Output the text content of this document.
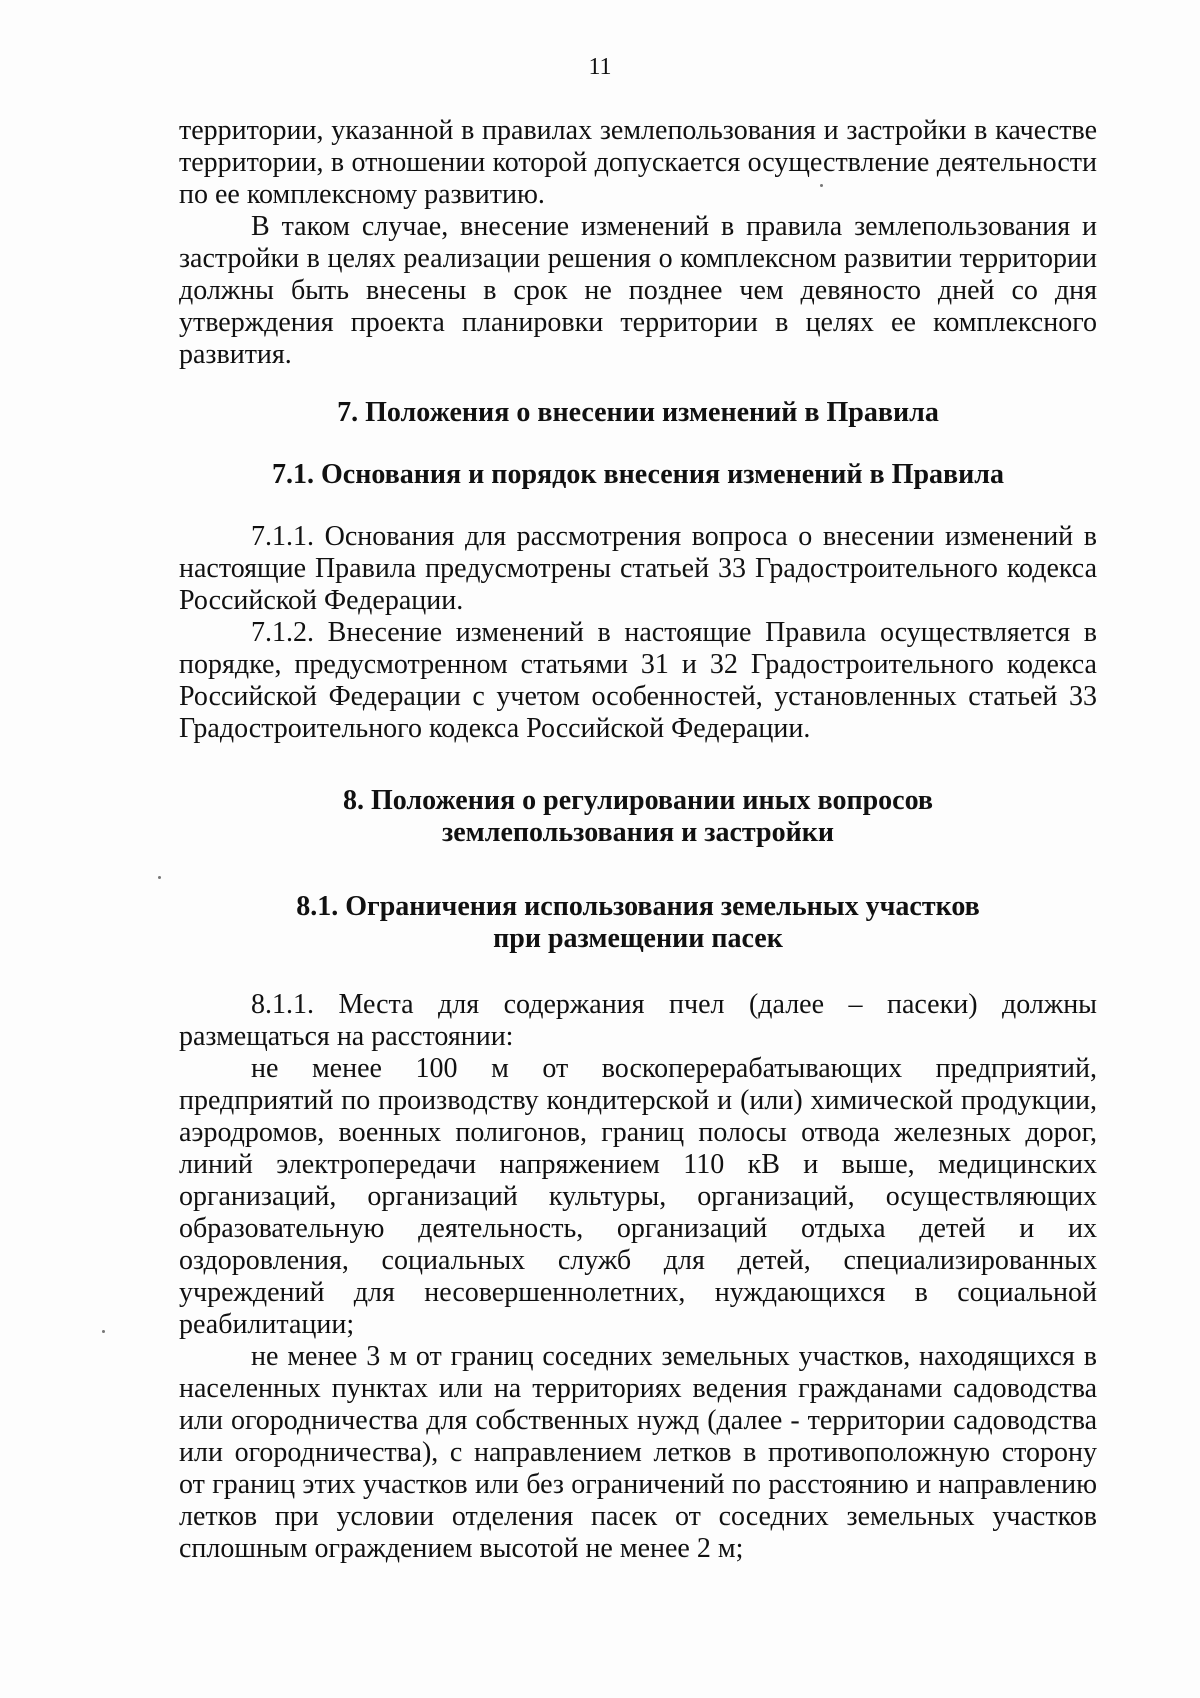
11

территории, указанной в правилах землепользования и застройки в качестве территории, в отношении которой допускается осуществление деятельности по ее комплексному развитию.

В таком случае, внесение изменений в правила землепользования и застройки в целях реализации решения о комплексном развитии территории должны быть внесены в срок не позднее чем девяносто дней со дня утверждения проекта планировки территории в целях ее комплексного развития.

7. Положения о внесении изменений в Правила
7.1. Основания и порядок внесения изменений в Правила

7.1.1. Основания для рассмотрения вопроса о внесении изменений в настоящие Правила предусмотрены статьей 33 Градостроительного кодекса Российской Федерации.

7.1.2. Внесение изменений в настоящие Правила осуществляется в порядке, предусмотренном статьями 31 и 32 Градостроительного кодекса Российской Федерации с учетом особенностей, установленных статьей 33 Градостроительного кодекса Российской Федерации.

8. Положения о регулировании иных вопросов
землепользования и застройки
8.1. Ограничения использования земельных участков
при размещении пасек

8.1.1. Места для содержания пчел (далее – пасеки) должны размещаться на расстоянии:

не менее 100 м от воскоперерабатывающих предприятий, предприятий по производству кондитерской и (или) химической продукции, аэродромов, военных полигонов, границ полосы отвода железных дорог, линий электропередачи напряжением 110 кВ и выше, медицинских организаций, организаций культуры, организаций, осуществляющих образовательную деятельность, организаций отдыха детей и их оздоровления, социальных служб для детей, специализированных учреждений для несовершеннолетних, нуждающихся в социальной реабилитации;

не менее 3 м от границ соседних земельных участков, находящихся в населенных пунктах или на территориях ведения гражданами садоводства или огородничества для собственных нужд (далее - территории садоводства или огородничества), с направлением летков в противоположную сторону от границ этих участков или без ограничений по расстоянию и направлению летков при условии отделения пасек от соседних земельных участков сплошным ограждением высотой не менее 2 м;
